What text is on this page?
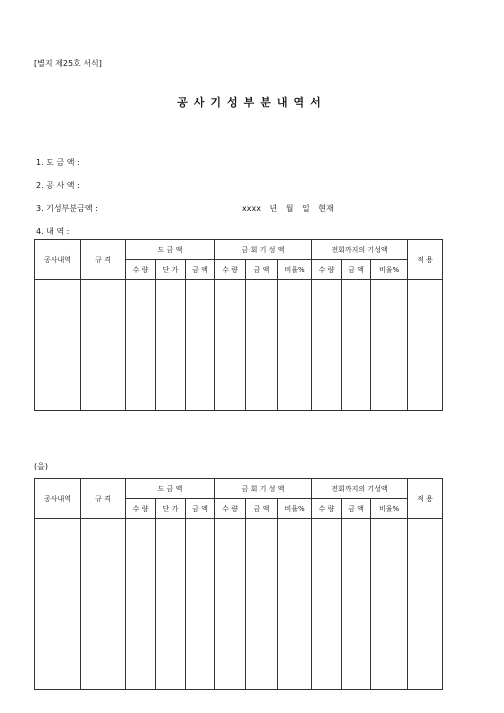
[별지 제25호 서식]
공사기성부분내역서
1. 도 금 액 :
2. 공 사 액 :
3. 기성부분금액 :	xxxx 년 월 일 현재
4. 내 역 :
공사내역	규 격	도 금 액			금 회 기 성 액			전회까지의 기성액			적 용
		수 량	단 가	금 액	수 량	금 액	비율%	수 량	금 액	비율%	

(을)
공사내역	규 격	도 금 액			금 회 기 성 액			전회까지의 기성액			적 용
		수 량	단 가	금 액	수 량	금 액	비율%	수 량	금 액	비율%	
